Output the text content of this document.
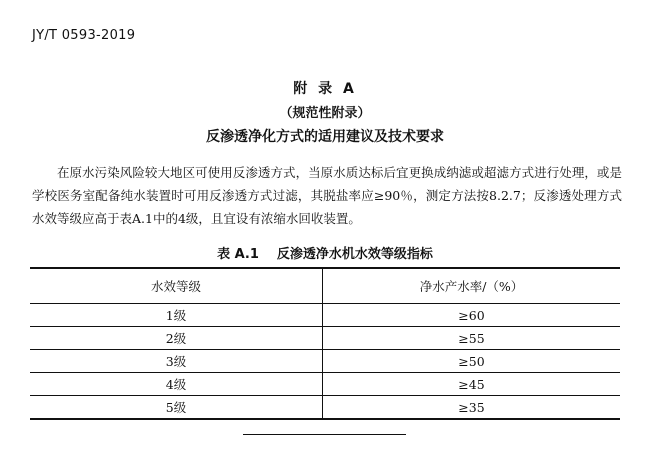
JY/T 0593-2019
附 录 A
（规范性附录）
反渗透净化方式的适用建议及技术要求

在原水污染风险较大地区可使用反渗透方式，当原水质达标后宜更换成纳滤或超滤方式进行处理，或是学校医务室配备纯水装置时可用反渗透方式过滤，其脱盐率应≥90％，测定方法按8.2.7；反渗透处理方式水效等级应高于表A.1中的4级，且宜设有浓缩水回收装置。

表 A.1 反渗透净水机水效等级指标
水效等级	净水产水率/（%）
1级	≥60
2级	≥55
3级	≥50
4级	≥45
5级	≥35
